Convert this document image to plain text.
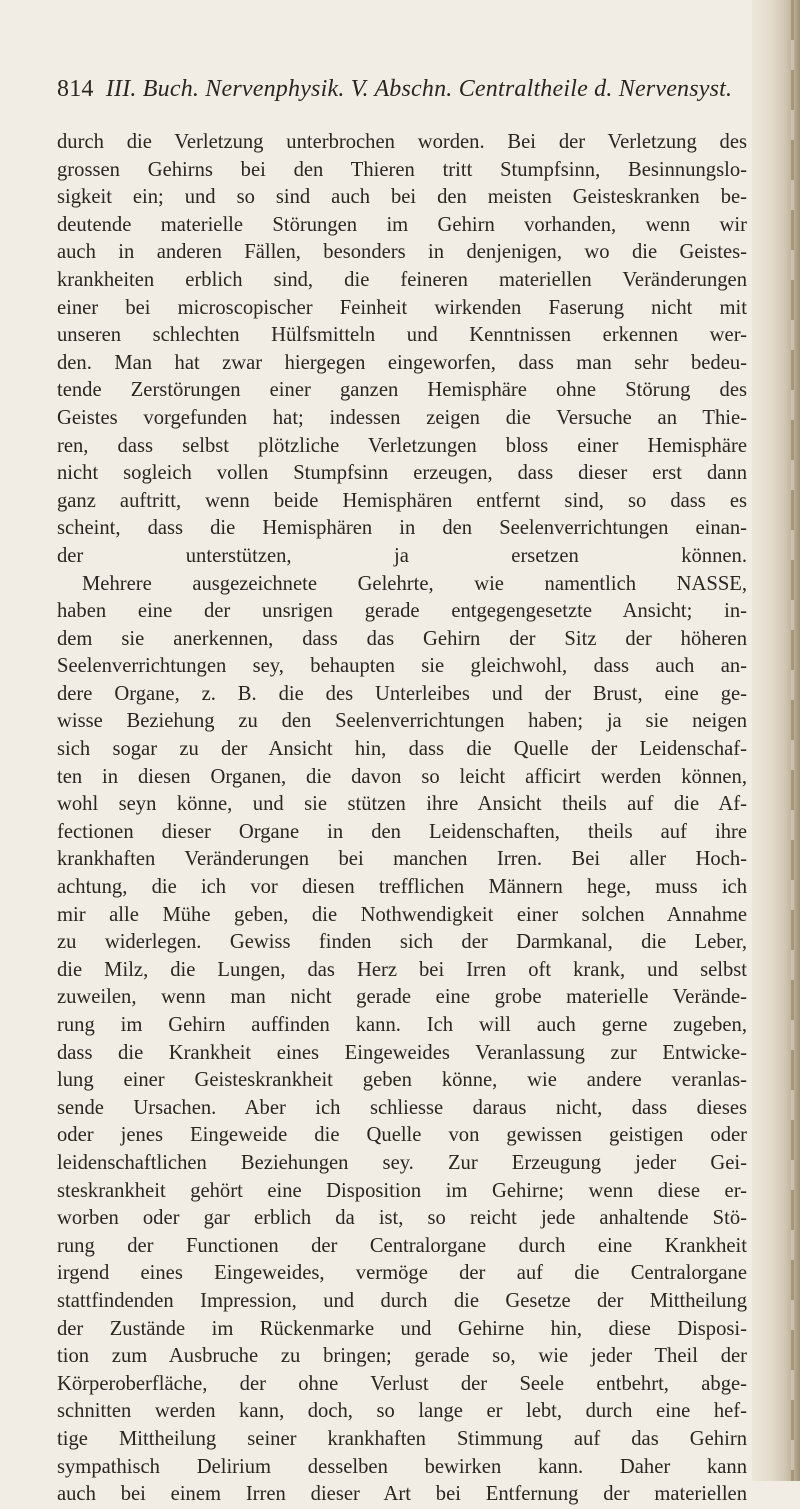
814 III. Buch. Nervenphysik. V. Abschn. Centraltheile d. Nervensyst.
durch die Verletzung unterbrochen worden. Bei der Verletzung des
grossen Gehirns bei den Thieren tritt Stumpfsinn, Besinnungslo-
sigkeit ein; und so sind auch bei den meisten Geisteskranken be-
deutende materielle Störungen im Gehirn vorhanden, wenn wir
auch in anderen Fällen, besonders in denjenigen, wo die Geistes-
krankheiten erblich sind, die feineren materiellen Veränderungen
einer bei microscopischer Feinheit wirkenden Faserung nicht mit
unseren schlechten Hülfsmitteln und Kenntnissen erkennen wer-
den. Man hat zwar hiergegen eingeworfen, dass man sehr bedeu-
tende Zerstörungen einer ganzen Hemisphäre ohne Störung des
Geistes vorgefunden hat; indessen zeigen die Versuche an Thie-
ren, dass selbst plötzliche Verletzungen bloss einer Hemisphäre
nicht sogleich vollen Stumpfsinn erzeugen, dass dieser erst dann
ganz auftritt, wenn beide Hemisphären entfernt sind, so dass es
scheint, dass die Hemisphären in den Seelenverrichtungen einan-
der unterstützen, ja ersetzen können.
Mehrere ausgezeichnete Gelehrte, wie namentlich NASSE,
haben eine der unsrigen gerade entgegengesetzte Ansicht; in-
dem sie anerkennen, dass das Gehirn der Sitz der höheren
Seelenverrichtungen sey, behaupten sie gleichwohl, dass auch an-
dere Organe, z. B. die des Unterleibes und der Brust, eine ge-
wisse Beziehung zu den Seelenverrichtungen haben; ja sie neigen
sich sogar zu der Ansicht hin, dass die Quelle der Leidenschaf-
ten in diesen Organen, die davon so leicht afficirt werden können,
wohl seyn könne, und sie stützen ihre Ansicht theils auf die Af-
fectionen dieser Organe in den Leidenschaften, theils auf ihre
krankhaften Veränderungen bei manchen Irren. Bei aller Hoch-
achtung, die ich vor diesen trefflichen Männern hege, muss ich
mir alle Mühe geben, die Nothwendigkeit einer solchen Annahme
zu widerlegen. Gewiss finden sich der Darmkanal, die Leber,
die Milz, die Lungen, das Herz bei Irren oft krank, und selbst
zuweilen, wenn man nicht gerade eine grobe materielle Verände-
rung im Gehirn auffinden kann. Ich will auch gerne zugeben,
dass die Krankheit eines Eingeweides Veranlassung zur Entwicke-
lung einer Geisteskrankheit geben könne, wie andere veranlas-
sende Ursachen. Aber ich schliesse daraus nicht, dass dieses
oder jenes Eingeweide die Quelle von gewissen geistigen oder
leidenschaftlichen Beziehungen sey. Zur Erzeugung jeder Gei-
steskrankheit gehört eine Disposition im Gehirne; wenn diese er-
worben oder gar erblich da ist, so reicht jede anhaltende Stö-
rung der Functionen der Centralorgane durch eine Krankheit
irgend eines Eingeweides, vermöge der auf die Centralorgane
stattfindenden Impression, und durch die Gesetze der Mittheilung
der Zustände im Rückenmarke und Gehirne hin, diese Disposi-
tion zum Ausbruche zu bringen; gerade so, wie jeder Theil der
Körperoberfläche, der ohne Verlust der Seele entbehrt, abge-
schnitten werden kann, doch, so lange er lebt, durch eine hef-
tige Mittheilung seiner krankhaften Stimmung auf das Gehirn
sympathisch Delirium desselben bewirken kann. Daher kann
auch bei einem Irren dieser Art bei Entfernung der materiellen
